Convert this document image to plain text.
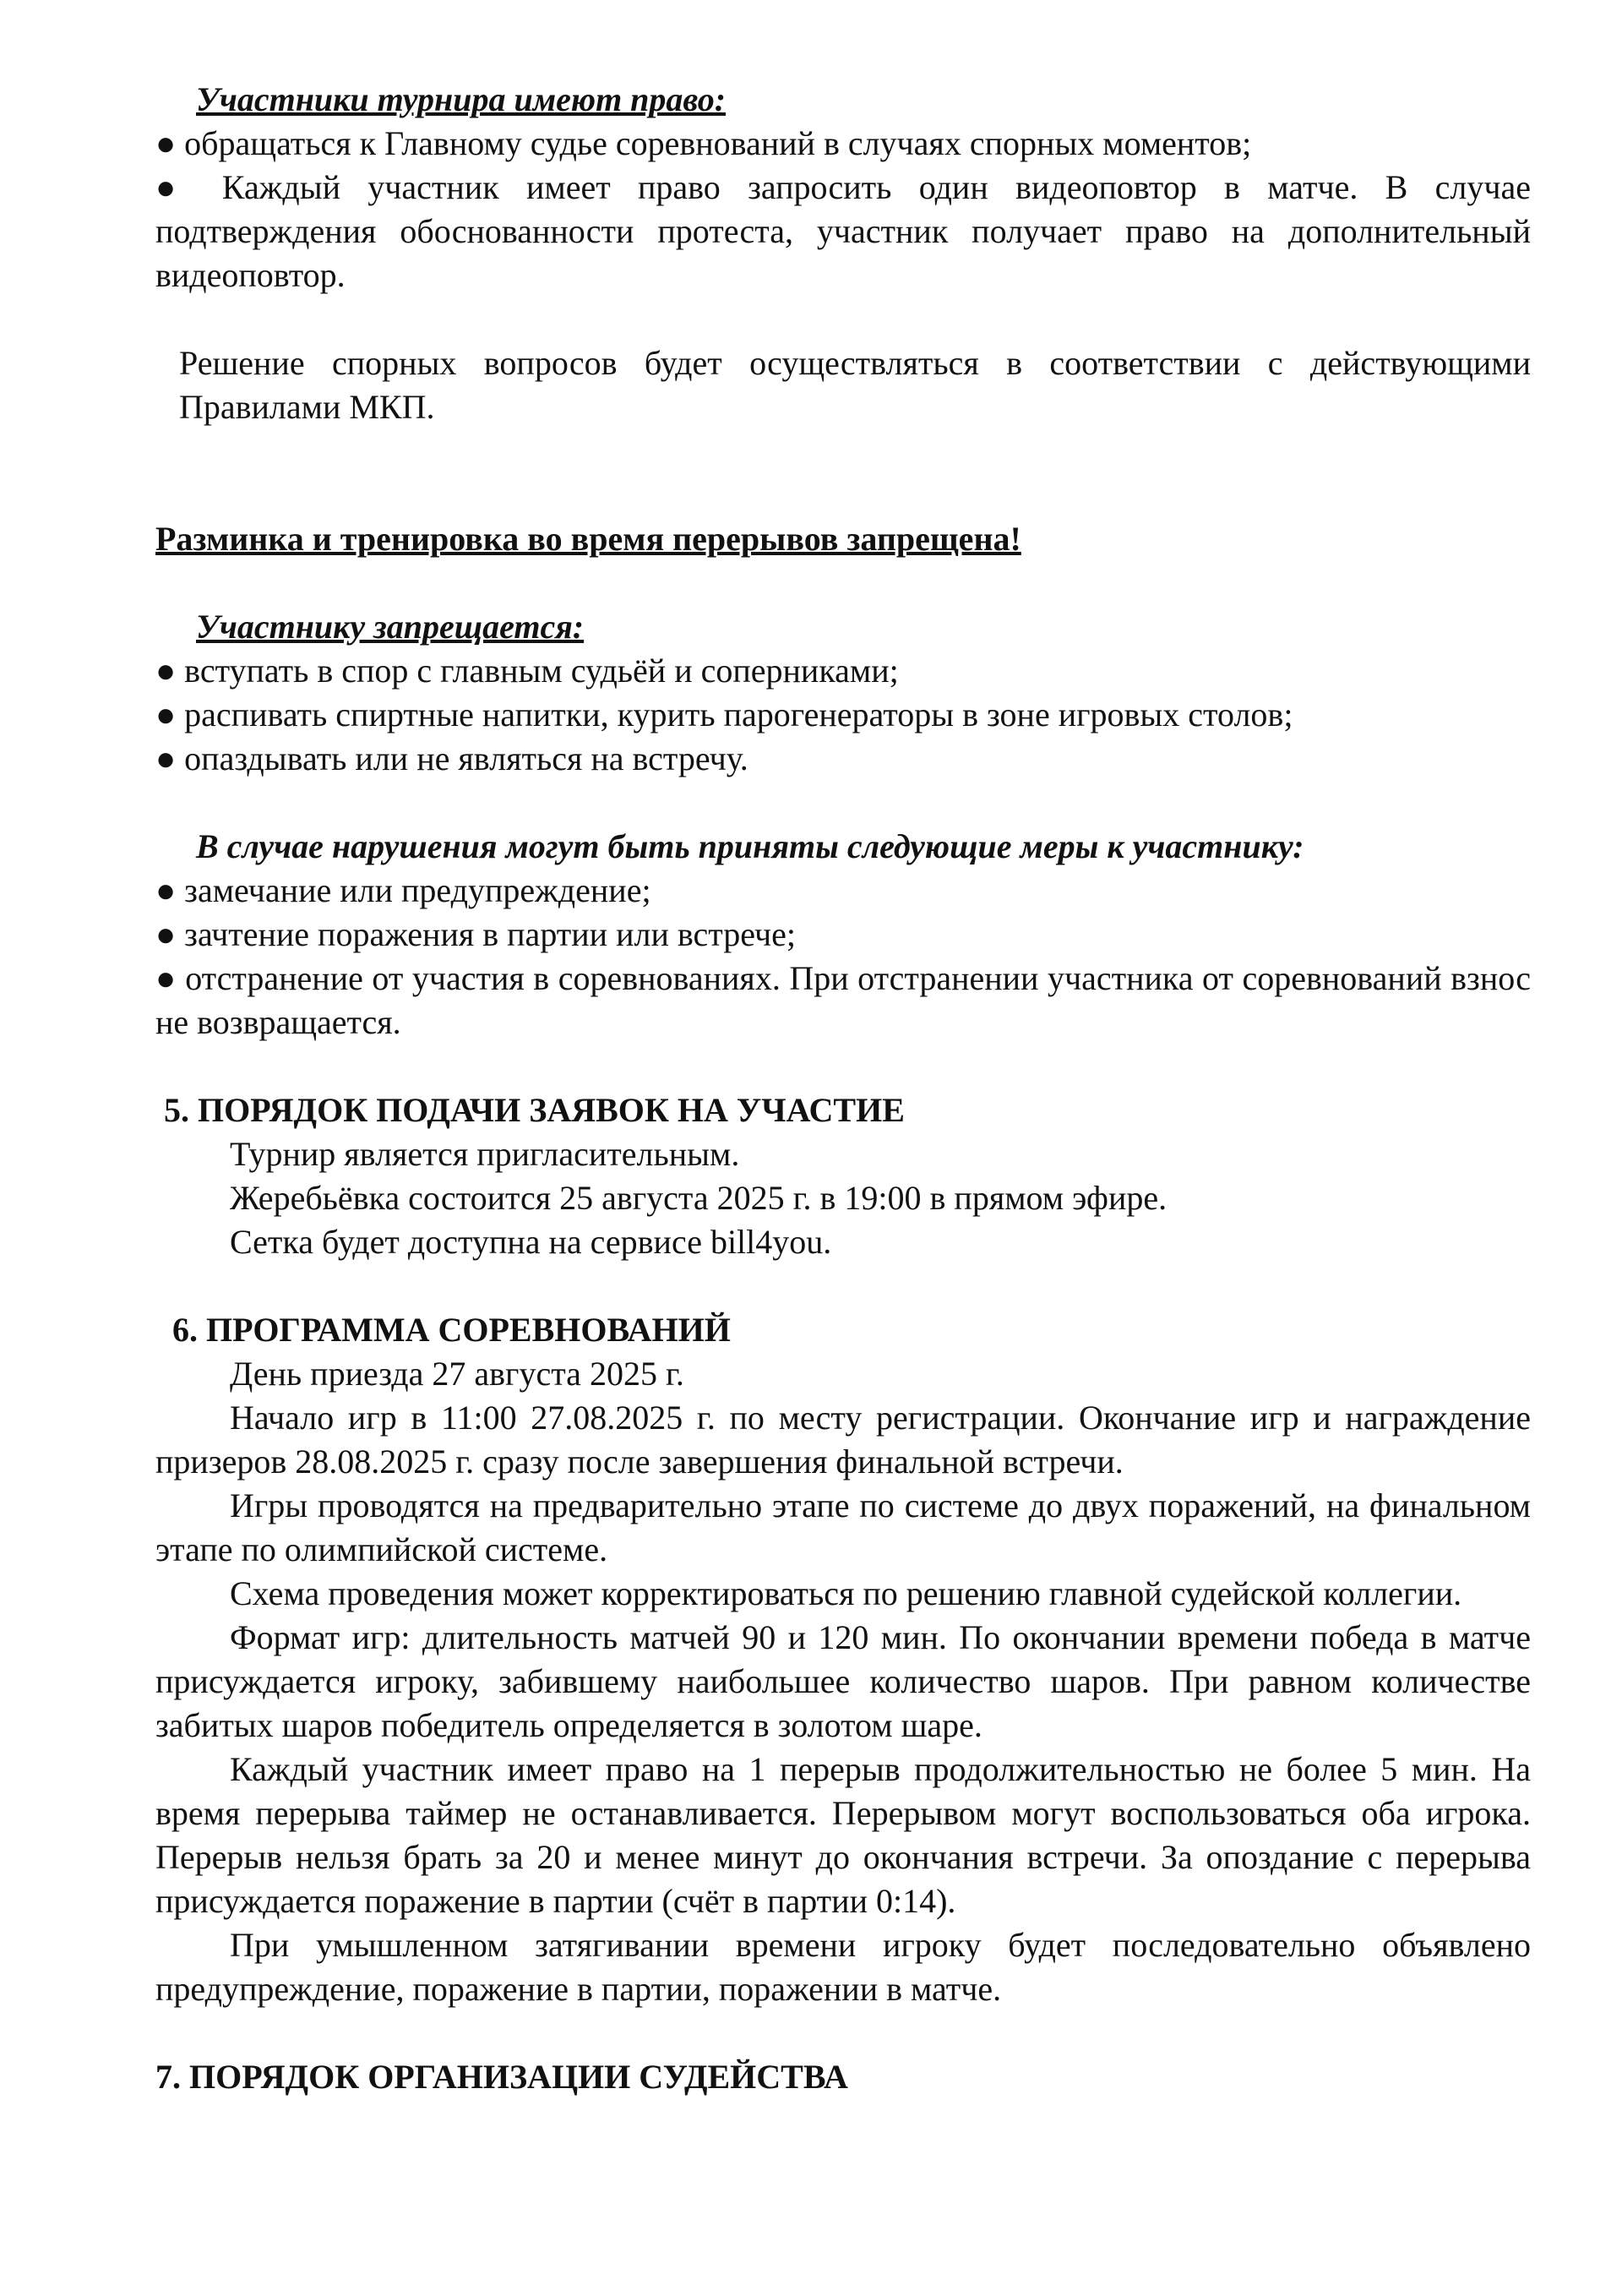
Участники турнира имеют право:
● обращаться к Главному судье соревнований в случаях спорных моментов;
● Каждый участник имеет право запросить один видеоповтор в матче. В случае подтверждения обоснованности протеста, участник получает право на дополнительный видеоповтор.
Решение спорных вопросов будет осуществляться в соответствии с действующими Правилами МКП.
Разминка и тренировка во время перерывов запрещена!
Участнику запрещается:
● вступать в спор с главным судьёй и соперниками;
● распивать спиртные напитки, курить парогенераторы в зоне игровых столов;
● опаздывать или не являться на встречу.
В случае нарушения могут быть приняты следующие меры к участнику:
● замечание или предупреждение;
● зачтение поражения в партии или встрече;
● отстранение от участия в соревнованиях. При отстранении участника от соревнований взнос не возвращается.
5. ПОРЯДОК ПОДАЧИ ЗАЯВОК НА УЧАСТИЕ
Турнир является пригласительным.
Жеребьёвка состоится 25 августа 2025 г. в 19:00 в прямом эфире.
Сетка будет доступна на сервисе bill4you.
6. ПРОГРАММА СОРЕВНОВАНИЙ
День приезда 27 августа 2025 г.
Начало игр в 11:00 27.08.2025 г. по месту регистрации. Окончание игр и награждение призеров 28.08.2025 г. сразу после завершения финальной встречи.
Игры проводятся на предварительно этапе по системе до двух поражений, на финальном этапе по олимпийской системе.
Схема проведения может корректироваться по решению главной судейской коллегии.
Формат игр: длительность матчей 90 и 120 мин. По окончании времени победа в матче присуждается игроку, забившему наибольшее количество шаров. При равном количестве забитых шаров победитель определяется в золотом шаре.
Каждый участник имеет право на 1 перерыв продолжительностью не более 5 мин. На время перерыва таймер не останавливается. Перерывом могут воспользоваться оба игрока. Перерыв нельзя брать за 20 и менее минут до окончания встречи. За опоздание с перерыва присуждается поражение в партии (счёт в партии 0:14).
При умышленном затягивании времени игроку будет последовательно объявлено предупреждение, поражение в партии, поражении в матче.
7. ПОРЯДОК ОРГАНИЗАЦИИ СУДЕЙСТВА
